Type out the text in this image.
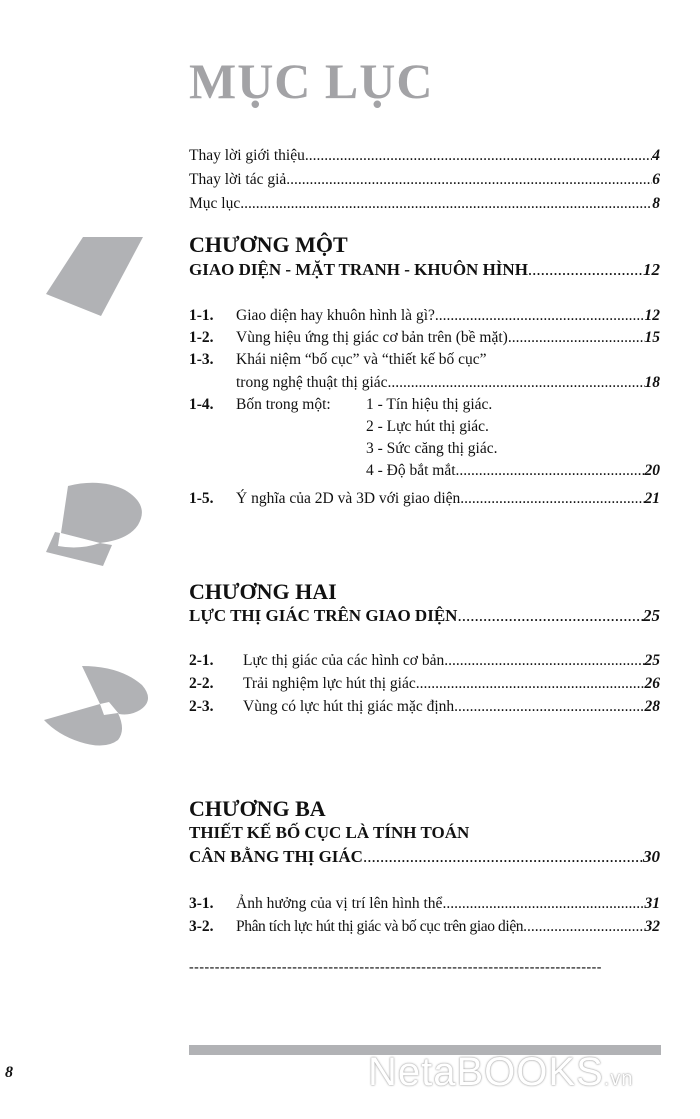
MỤC LỤC
Thay lời giới thiệu .....	4
Thay lời tác giả .....	6
Mục lục .....	8
CHƯƠNG MỘT
GIAO DIỆN - MẶT TRANH - KHUÔN HÌNH .....	12
1-1.	Giao diện hay khuôn hình là gì? .....	12
1-2.	Vùng hiệu ứng thị giác cơ bản trên (bề mặt) .....	15
1-3.	Khái niệm “bố cục” và “thiết kế bố cục”
trong nghệ thuật thị giác .....	18
1-4.	Bốn trong một:	1 - Tín hiệu thị giác.
2 - Lực hút thị giác.
3 - Sức căng thị giác.
4 - Độ bắt mắt .....	20
1-5.	Ý nghĩa của 2D và 3D với giao diện .....	21
CHƯƠNG HAI
LỰC THỊ GIÁC TRÊN GIAO DIỆN .....	25
2-1.	Lực thị giác của các hình cơ bản .....	25
2-2.	Trải nghiệm lực hút thị giác .....	26
2-3.	Vùng có lực hút thị giác mặc định .....	28
CHƯƠNG BA
THIẾT KẾ BỐ CỤC LÀ TÍNH TOÁN
CÂN BẰNG THỊ GIÁC .....	30
3-1.	Ảnh hưởng của vị trí lên hình thể .....	31
3-2.	Phân tích lực hút thị giác và bố cục trên giao diện .....	32
--------------------------------------------------------------------------------
8	NetaBOOKS.vn
